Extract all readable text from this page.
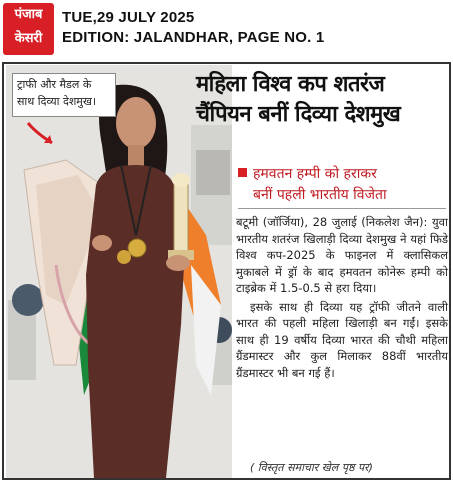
पंजाब
केसरी
TUE,29 JULY 2025
EDITION: JALANDHAR, PAGE NO. 1
ट्राफी और मैडल के साथ दिव्या देशमुख।
महिला विश्व कप शतरंज
चैंपियन बनीं दिव्या देशमुख
हमवतन हम्पी को हराकर
बनीं पहली भारतीय विजेता

बटूमी (जॉर्जिया), 28 जुलाई (निकलेश जैन): युवा भारतीय शतरंज खिलाड़ी दिव्या देशमुख ने यहां फिडे विश्व कप-2025 के फाइनल में क्लासिकल मुकाबले में ड्रॉ के बाद हमवतन कोनेरू हम्पी को टाइब्रेक में 1.5-0.5 से हरा दिया।

इसके साथ ही दिव्या यह ट्रॉफी जीतने वाली भारत की पहली महिला खिलाड़ी बन गईं। इसके साथ ही 19 वर्षीय दिव्या भारत की चौथी महिला ग्रैंडमास्टर और कुल मिलाकर 88वीं भारतीय ग्रैंडमास्टर भी बन गई हैं।

( विस्तृत समाचार खेल पृष्ठ पर)
